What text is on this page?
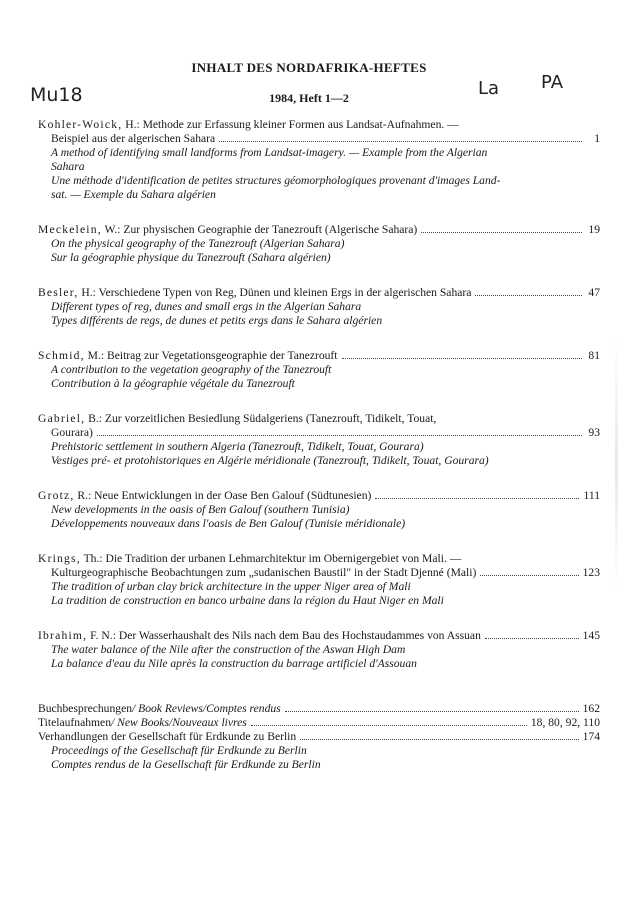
INHALT DES NORDAFRIKA-HEFTES
Mu18	1984, Heft 1—2	La PA
Kohler-Woick, H.: Methode zur Erfassung kleiner Formen aus Landsat-Aufnahmen. —
Beispiel aus der algerischen Sahara	1
A method of identifying small landforms from Landsat-imagery. — Example from the Algerian
Sahara
Une méthode d'identification de petites structures géomorphologiques provenant d'images Land-
sat. — Exemple du Sahara algérien
Meckelein, W.: Zur physischen Geographie der Tanezrouft (Algerische Sahara)	19
On the physical geography of the Tanezrouft (Algerian Sahara)
Sur la géographie physique du Tanezrouft (Sahara algérien)
Besler, H.: Verschiedene Typen von Reg, Dünen und kleinen Ergs in der algerischen Sahara	47
Different types of reg, dunes and small ergs in the Algerian Sahara
Types différents de regs, de dunes et petits ergs dans le Sahara algérien
Schmid, M.: Beitrag zur Vegetationsgeographie der Tanezrouft	81
A contribution to the vegetation geography of the Tanezrouft
Contribution à la géographie végétale du Tanezrouft
Gabriel, B.: Zur vorzeitlichen Besiedlung Südalgeriens (Tanezrouft, Tidikelt, Touat,
Gourara)	93
Prehistoric settlement in southern Algeria (Tanezrouft, Tidikelt, Touat, Gourara)
Vestiges pré- et protohistoriques en Algérie méridionale (Tanezrouft, Tidikelt, Touat, Gourara)
Grotz, R.: Neue Entwicklungen in der Oase Ben Galouf (Südtunesien)	111
New developments in the oasis of Ben Galouf (southern Tunisia)
Développements nouveaux dans l'oasis de Ben Galouf (Tunisie méridionale)
Krings, Th.: Die Tradition der urbanen Lehmarchitektur im Obernigergebiet von Mali. —
Kulturgeographische Beobachtungen zum „sudanischen Baustil" in der Stadt Djenné (Mali)	123
The tradition of urban clay brick architecture in the upper Niger area of Mali
La tradition de construction en banco urbaine dans la région du Haut Niger en Mali
Ibrahim, F. N.: Der Wasserhaushalt des Nils nach dem Bau des Hochstaudammes von Assuan	145
The water balance of the Nile after the construction of the Aswan High Dam
La balance d'eau du Nile après la construction du barrage artificiel d'Assouan
Buchbesprechungen/ Book Reviews/Comptes rendus	162
Titelaufnahmen/ New Books/Nouveaux livres	18, 80, 92, 110
Verhandlungen der Gesellschaft für Erdkunde zu Berlin	174
Proceedings of the Gesellschaft für Erdkunde zu Berlin
Comptes rendus de la Gesellschaft für Erdkunde zu Berlin
